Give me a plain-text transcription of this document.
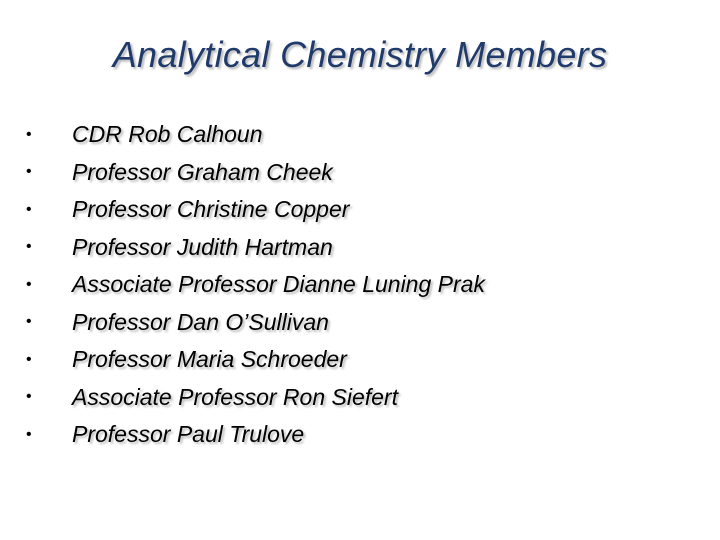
Analytical Chemistry Members
•	CDR Rob Calhoun
•	Professor Graham Cheek
•	Professor Christine Copper
•	Professor Judith Hartman
•	Associate Professor Dianne Luning Prak
•	Professor Dan O’Sullivan
•	Professor Maria Schroeder
•	Associate Professor Ron Siefert
•	Professor Paul Trulove
